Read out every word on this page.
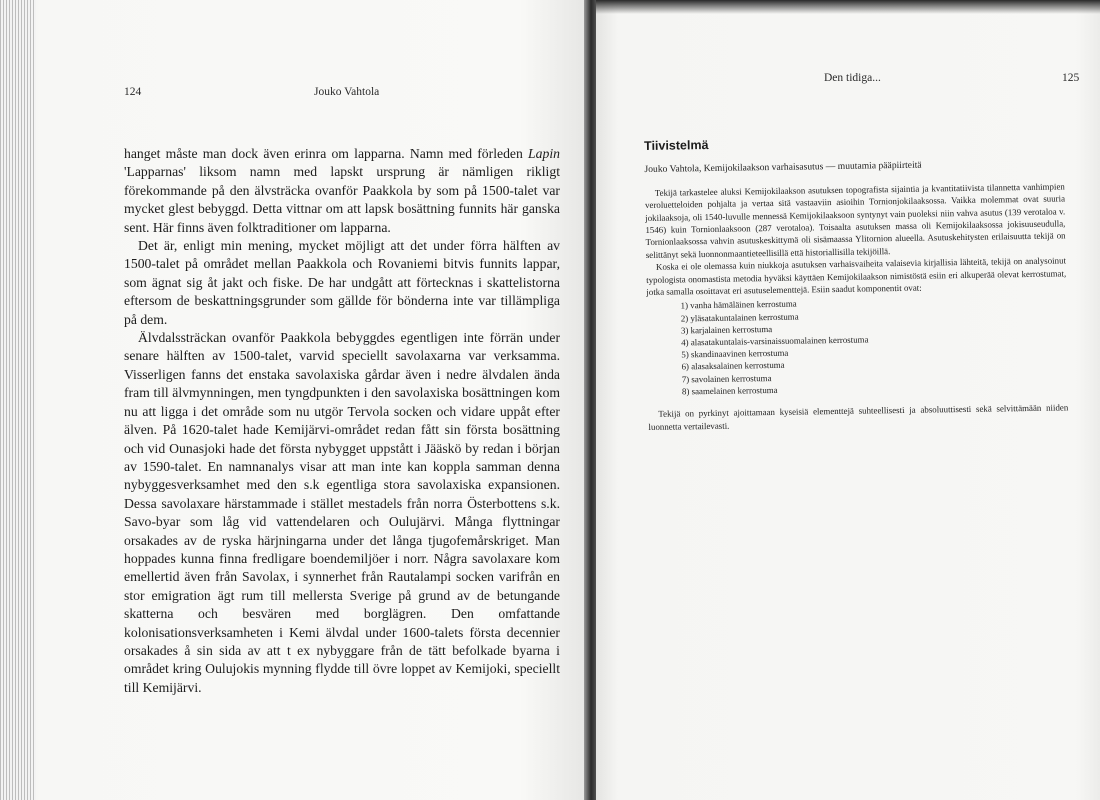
124	Jouko Vahtola

hanget måste man dock även erinra om lapparna. Namn med förleden Lapin 'Lapparnas' liksom namn med lapskt ursprung är nämligen rikligt förekommande på den älvsträcka ovanför Paakkola by som på 1500-talet var mycket glest bebyggd. Detta vittnar om att lapsk bosättning funnits här ganska sent. Här finns även folktraditioner om lapparna.

Det är, enligt min mening, mycket möjligt att det under förra hälften av 1500-talet på området mellan Paakkola och Rovaniemi bitvis funnits lappar, som ägnat sig åt jakt och fiske. De har undgått att förtecknas i skattelistorna eftersom de beskattningsgrunder som gällde för bönderna inte var tillämpliga på dem.

Älvdalssträckan ovanför Paakkola bebyggdes egentligen inte förrän under senare hälften av 1500-talet, varvid speciellt savolaxarna var verksamma. Visserligen fanns det enstaka savolaxiska gårdar även i nedre älvdalen ända fram till älvmynningen, men tyngdpunkten i den savolaxiska bosättningen kom nu att ligga i det område som nu utgör Tervola socken och vidare uppåt efter älven. På 1620-talet hade Kemijärvi-området redan fått sin första bosättning och vid Ounasjoki hade det första nybygget uppstått i Jääskö by redan i början av 1590-talet. En namnanalys visar att man inte kan koppla samman denna nybyggesverksamhet med den s.k egentliga stora savolaxiska expansionen. Dessa savolaxare härstammade i stället mestadels från norra Österbottens s.k. Savo-byar som låg vid vattendelaren och Oulujärvi. Många flyttningar orsakades av de ryska härjningarna under det långa tjugofemårskriget. Man hoppades kunna finna fredligare boendemiljöer i norr. Några savolaxare kom emellertid även från Savolax, i synnerhet från Rautalampi socken varifrån en stor emigration ägt rum till mellersta Sverige på grund av de betungande skatterna och besvären med borglägren. Den omfattande kolonisationsverksamheten i Kemi älvdal under 1600-talets första decennier orsakades å sin sida av att t ex nybyggare från de tätt befolkade byarna i området kring Oulujokis mynning flydde till övre loppet av Kemijoki, speciellt till Kemijärvi.

Den tidiga...	125
Tiivistelmä
Jouko Vahtola, Kemijokilaakson varhaisasutus — muutamia pääpiirteitä

Tekijä tarkastelee aluksi Kemijokilaakson asutuksen topografista sijaintia ja kvantitatiivista tilannetta vanhimpien veroluetteloiden pohjalta ja vertaa sitä vastaaviin asioihin Tornionjokilaaksossa. Vaikka molemmat ovat suuria jokilaaksoja, oli 1540-luvulle mennessä Kemijokilaaksoon syntynyt vain puoleksi niin vahva asutus (139 verotaloa v. 1546) kuin Tornionlaaksoon (287 verotaloa). Toisaalta asutuksen massa oli Kemijokilaaksossa jokisuuseudulla, Tornionlaaksossa vahvin asutuskeskittymä oli sisämaassa Ylitornion alueella. Asutuskehitysten erilaisuutta tekijä on selittänyt sekä luonnonmaantieteellisillä että historiallisilla tekijöillä.

Koska ei ole olemassa kuin niukkoja asutuksen varhaisvaiheita valaisevia kirjallisia lähteitä, tekijä on analysoinut typologista onomastista metodia hyväksi käyttäen Kemijokilaakson nimistöstä esiin eri alkuperää olevat kerrostumat, jotka samalla osoittavat eri asutuselementtejä. Esiin saadut komponentit ovat:

1) vanha hämäläinen kerrostuma
2) yläsatakuntalainen kerrostuma
3) karjalainen kerrostuma
4) alasatakuntalais-varsinaissuomalainen kerrostuma
5) skandinaavinen kerrostuma
6) alasaksalainen kerrostuma
7) savolainen kerrostuma
8) saamelainen kerrostuma

Tekijä on pyrkinyt ajoittamaan kyseisiä elementtejä suhteellisesti ja absoluuttisesti sekä selvittämään niiden luonnetta vertailevasti.
